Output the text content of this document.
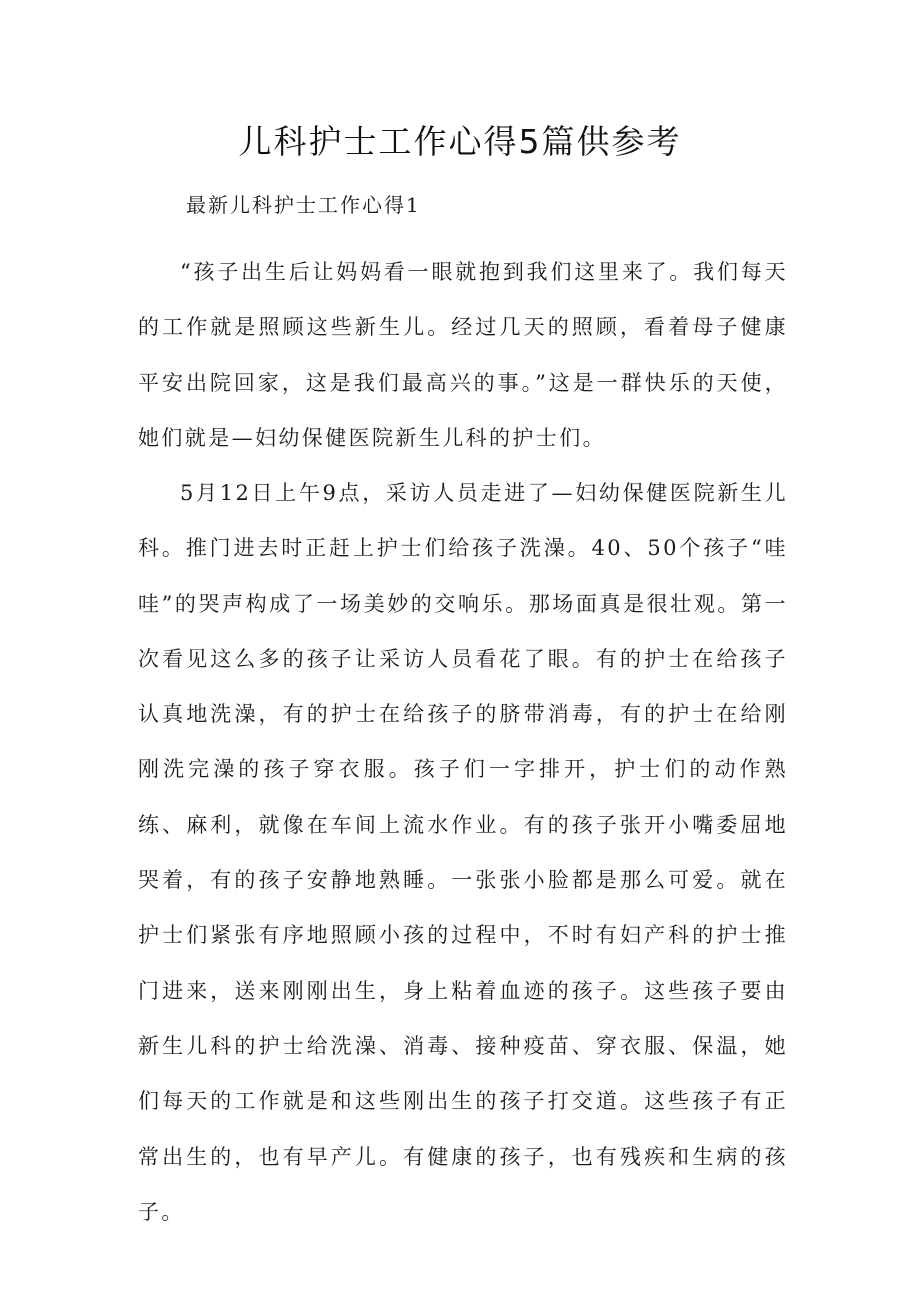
儿科护士工作心得5篇供参考

最新儿科护士工作心得1

“孩子出生后让妈妈看一眼就抱到我们这里来了。我们每天的工作就是照顾这些新生儿。经过几天的照顾，看着母子健康平安出院回家，这是我们最高兴的事。”这是一群快乐的天使，她们就是—妇幼保健医院新生儿科的护士们。

5月12日上午9点，采访人员走进了—妇幼保健医院新生儿科。推门进去时正赶上护士们给孩子洗澡。40、50个孩子“哇哇”的哭声构成了一场美妙的交响乐。那场面真是很壮观。第一次看见这么多的孩子让采访人员看花了眼。有的护士在给孩子认真地洗澡，有的护士在给孩子的脐带消毒，有的护士在给刚刚洗完澡的孩子穿衣服。孩子们一字排开，护士们的动作熟练、麻利，就像在车间上流水作业。有的孩子张开小嘴委屈地哭着，有的孩子安静地熟睡。一张张小脸都是那么可爱。就在护士们紧张有序地照顾小孩的过程中，不时有妇产科的护士推门进来，送来刚刚出生，身上粘着血迹的孩子。这些孩子要由新生儿科的护士给洗澡、消毒、接种疫苗、穿衣服、保温，她们每天的工作就是和这些刚出生的孩子打交道。这些孩子有正常出生的，也有早产儿。有健康的孩子，也有残疾和生病的孩子。
